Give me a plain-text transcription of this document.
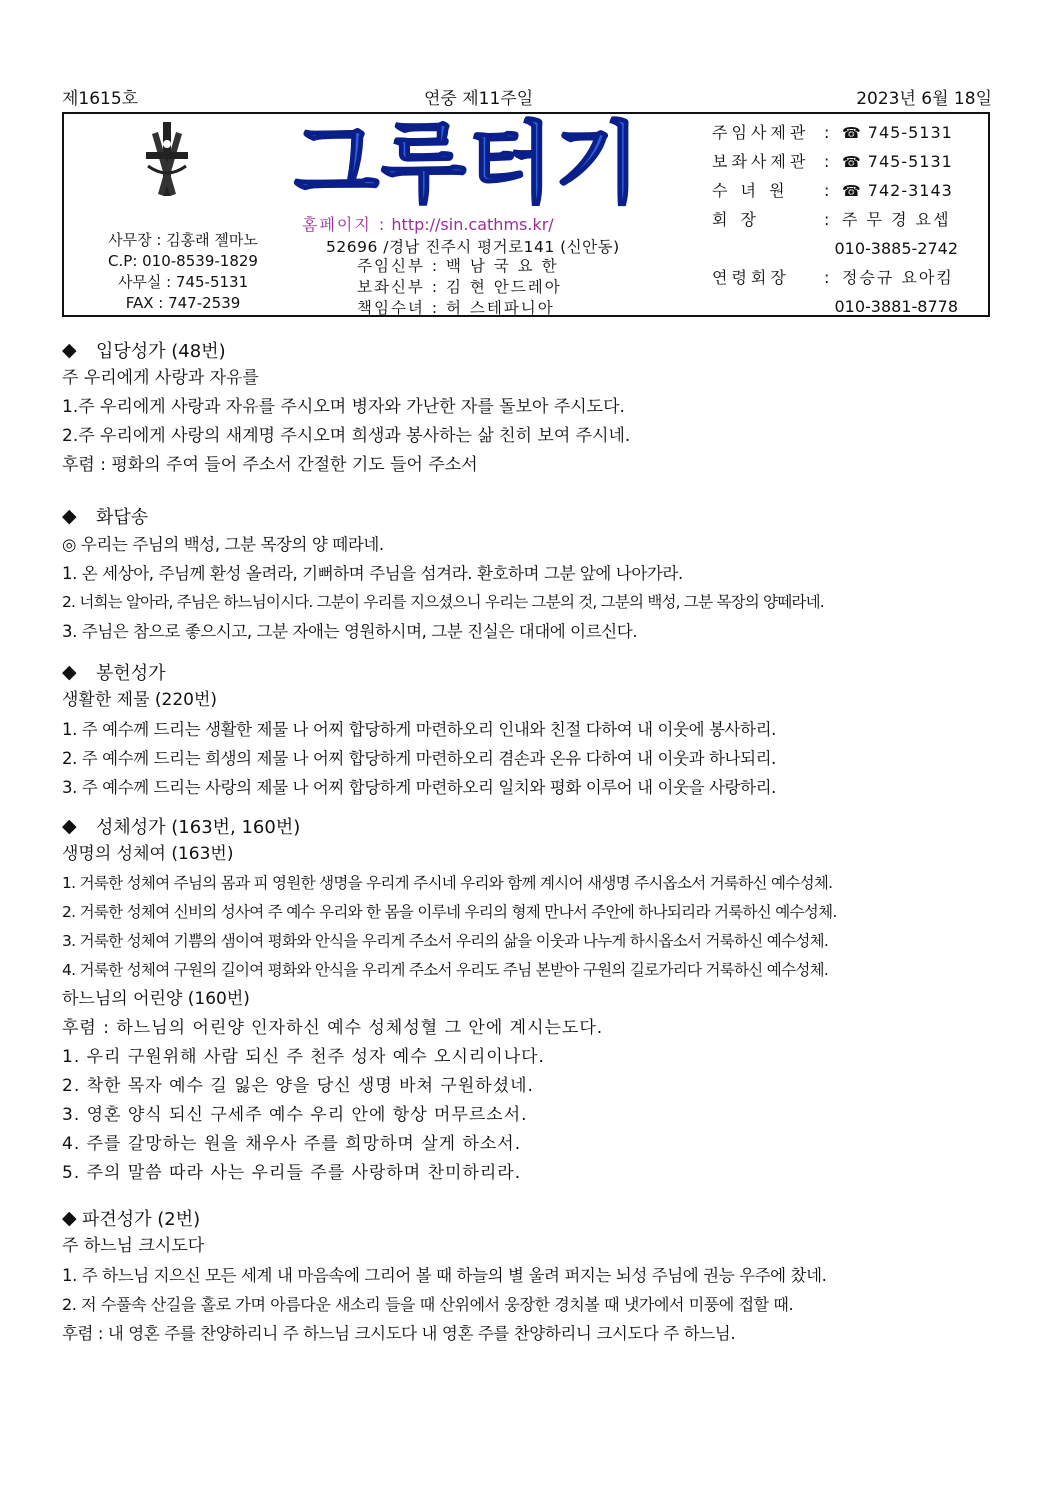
제1615호	연중 제11주일	2023년 6월 18일
사무장 : 김홍래 젤마노
C.P: 010-8539-1829
사무실 : 745-5131
FAX : 747-2539
그루터기
홈페이지 : http://sin.cathms.kr/
52696 /경남 진주시 평거로141 (신안동)
주임신부 : 백 남 국 요 한
보좌신부 : 김 현 안드레아
책임수녀 : 허 스테파니아
주임사제관 : ☎ 745-5131
보좌사제관 : ☎ 745-5131
수 녀 원 : ☎ 742-3143
회 장	: 주 무 경 요셉
010-3885-2742
연령회장 : 정승규 요아킴
010-3881-8778
◆	입당성가 (48번)
주 우리에게 사랑과 자유를
1.주 우리에게 사랑과 자유를 주시오며 병자와 가난한 자를 돌보아 주시도다.
2.주 우리에게 사랑의 새계명 주시오며 희생과 봉사하는 삶 친히 보여 주시네.
후렴 : 평화의 주여 들어 주소서 간절한 기도 들어 주소서
◆	화답송
◎ 우리는 주님의 백성, 그분 목장의 양 떼라네.
1. 온 세상아, 주님께 환성 올려라, 기뻐하며 주님을 섬겨라. 환호하며 그분 앞에 나아가라.
2. 너희는 알아라, 주님은 하느님이시다. 그분이 우리를 지으셨으니 우리는 그분의 것, 그분의 백성, 그분 목장의 양떼라네.
3. 주님은 참으로 좋으시고, 그분 자애는 영원하시며, 그분 진실은 대대에 이르신다.
◆	봉헌성가
생활한 제물 (220번)
1. 주 예수께 드리는 생활한 제물 나 어찌 합당하게 마련하오리 인내와 친절 다하여 내 이웃에 봉사하리.
2. 주 예수께 드리는 희생의 제물 나 어찌 합당하게 마련하오리 겸손과 온유 다하여 내 이웃과 하나되리.
3. 주 예수께 드리는 사랑의 제물 나 어찌 합당하게 마련하오리 일치와 평화 이루어 내 이웃을 사랑하리.
◆	성체성가 (163번, 160번)
생명의 성체여 (163번)
1. 거룩한 성체여 주님의 몸과 피 영원한 생명을 우리게 주시네 우리와 함께 계시어 새생명 주시옵소서 거룩하신 예수성체.
2. 거룩한 성체여 신비의 성사여 주 예수 우리와 한 몸을 이루네 우리의 형제 만나서 주안에 하나되리라 거룩하신 예수성체.
3. 거룩한 성체여 기쁨의 샘이여 평화와 안식을 우리게 주소서 우리의 삶을 이웃과 나누게 하시옵소서 거룩하신 예수성체.
4. 거룩한 성체여 구원의 길이여 평화와 안식을 우리게 주소서 우리도 주님 본받아 구원의 길로가리다 거룩하신 예수성체.
하느님의 어린양 (160번)
후렴 : 하느님의 어린양 인자하신 예수 성체성혈 그 안에 계시는도다.
1. 우리 구원위해 사람 되신 주 천주 성자 예수 오시리이나다.
2. 착한 목자 예수 길 잃은 양을 당신 생명 바쳐 구원하셨네.
3. 영혼 양식 되신 구세주 예수 우리 안에 항상 머무르소서.
4. 주를 갈망하는 원을 채우사 주를 희망하며 살게 하소서.
5. 주의 말씀 따라 사는 우리들 주를 사랑하며 찬미하리라.
◆ 파견성가 (2번)
주 하느님 크시도다
1. 주 하느님 지으신 모든 세계 내 마음속에 그리어 볼 때 하늘의 별 울려 퍼지는 뇌성 주님에 권능 우주에 찼네.
2. 저 수풀속 산길을 홀로 가며 아름다운 새소리 들을 때 산위에서 웅장한 경치볼 때 냇가에서 미풍에 접할 때.
후렴 : 내 영혼 주를 찬양하리니 주 하느님 크시도다 내 영혼 주를 찬양하리니 크시도다 주 하느님.
